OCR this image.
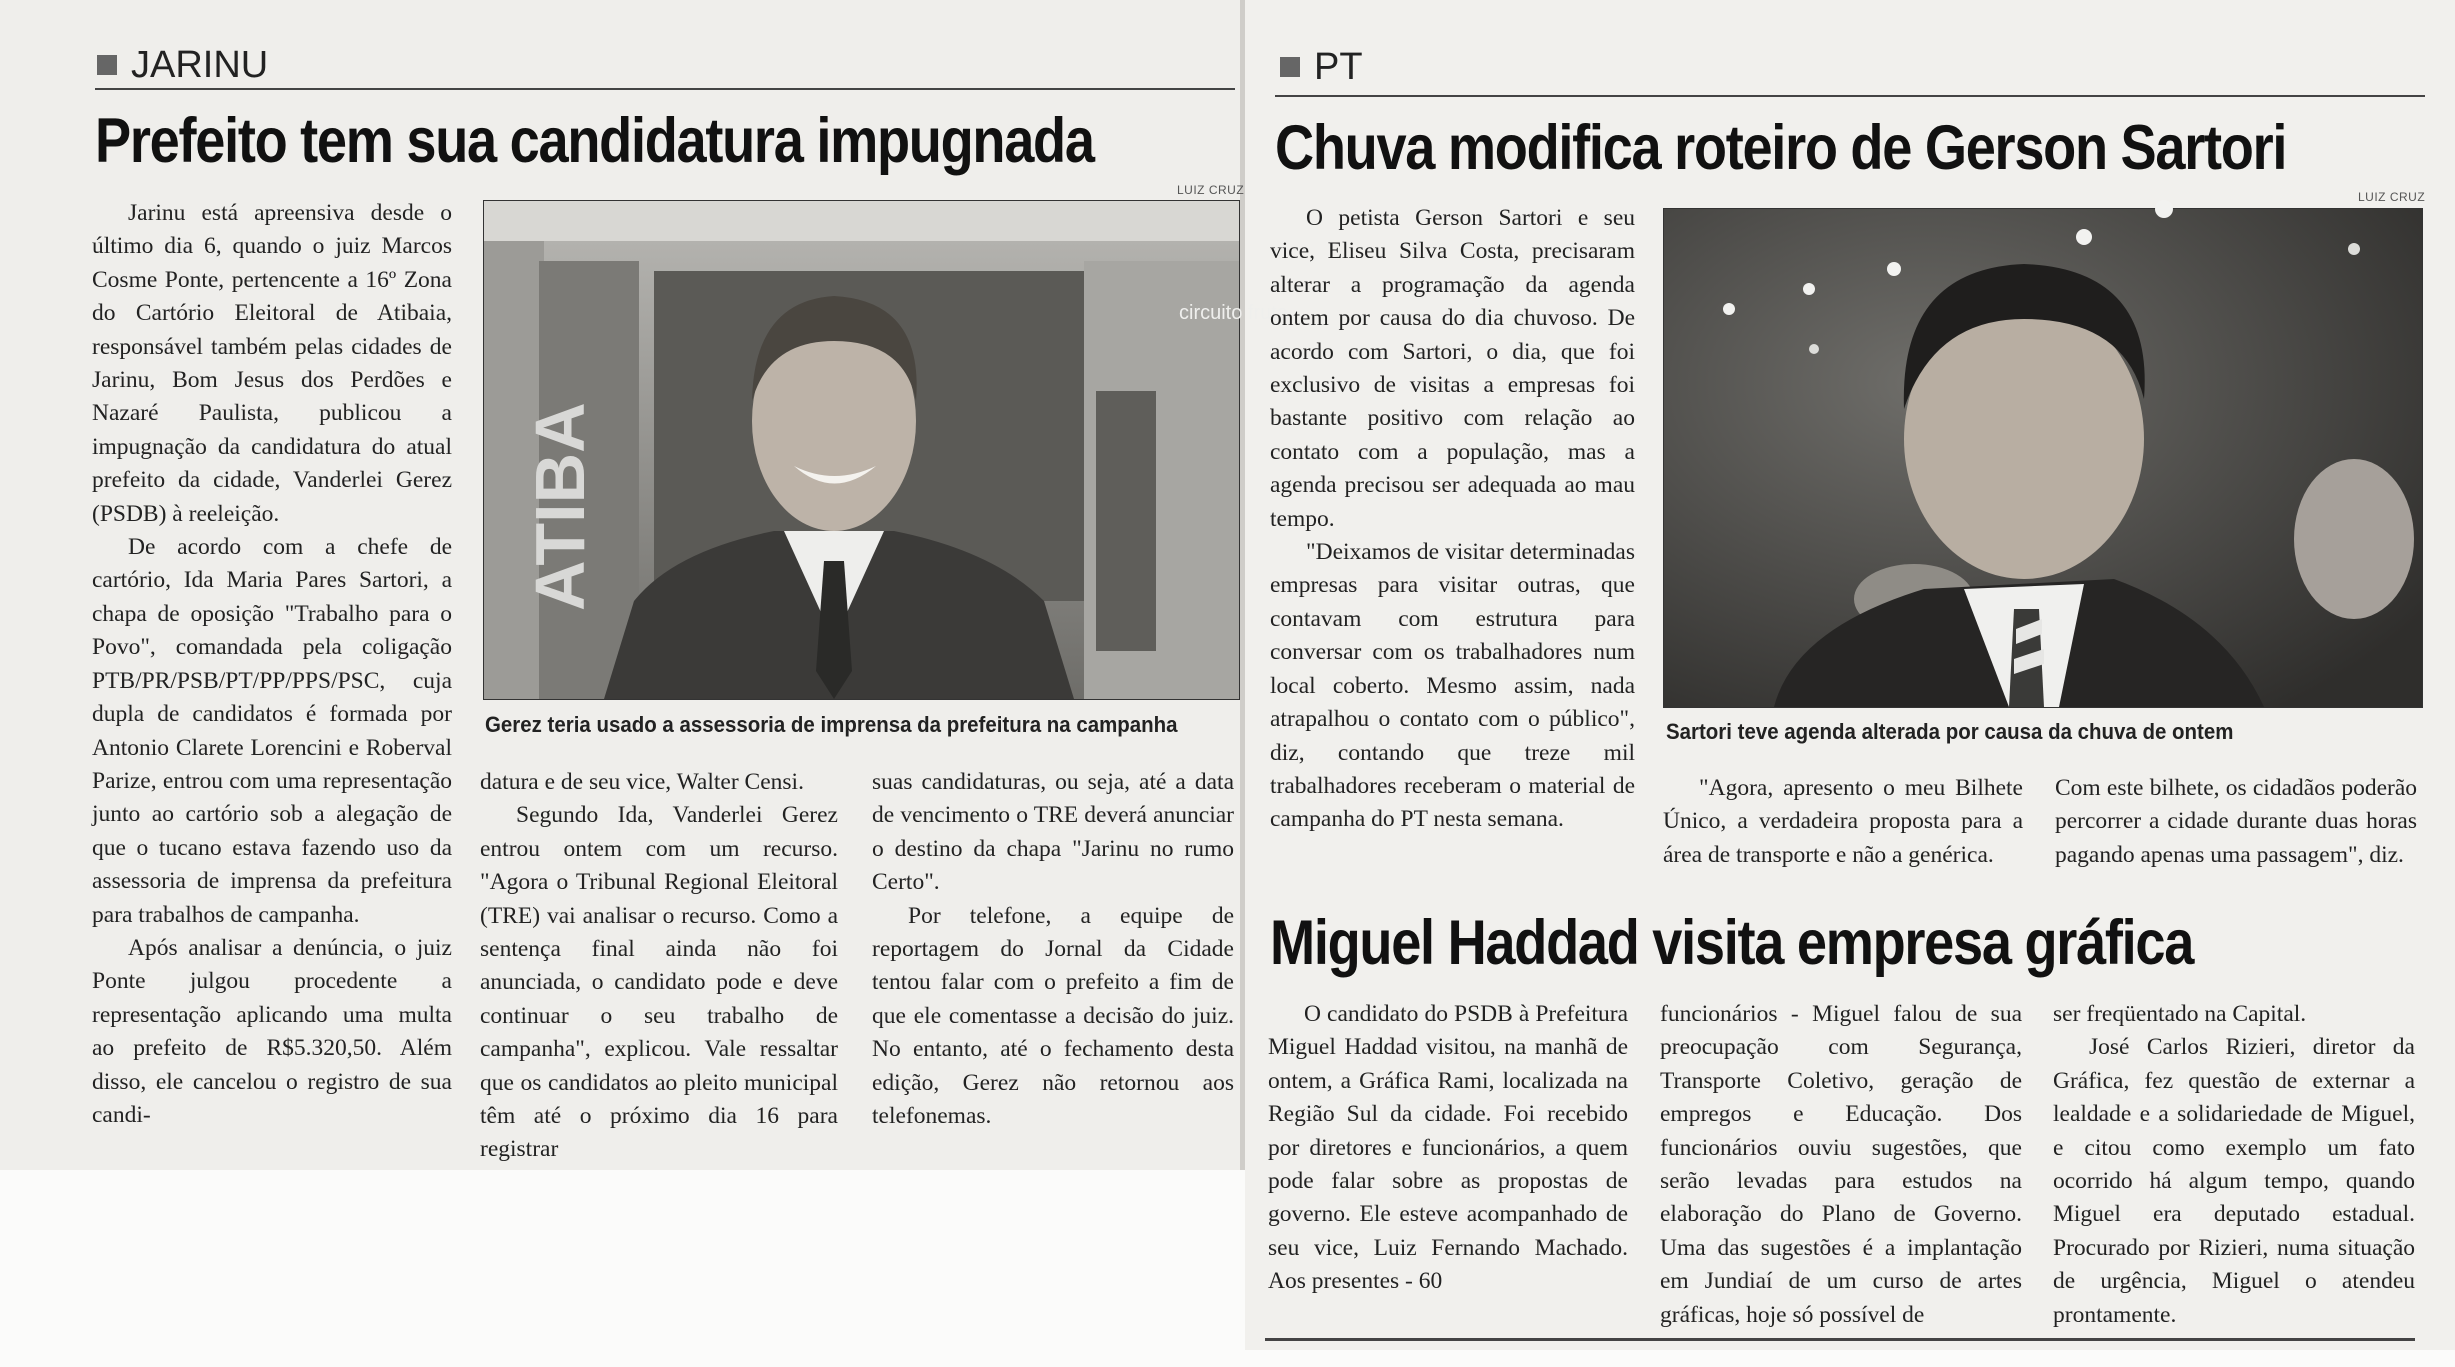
JARINU
Prefeito tem sua candidatura impugnada

Jarinu está apreensiva desde o último dia 6, quando o juiz Marcos Cosme Ponte, pertencente a 16º Zona do Cartório Eleitoral de Atibaia, responsável também pelas cidades de Jarinu, Bom Jesus dos Perdões e Nazaré Paulista, publicou a impugnação da candidatura do atual prefeito da cidade, Vanderlei Gerez (PSDB) à reeleição.

De acordo com a chefe de cartório, Ida Maria Pares Sartori, a chapa de oposição "Trabalho para o Povo", comandada pela coligação PTB/PR/PSB/PT/PP/PPS/PSC, cuja dupla de candidatos é formada por Antonio Clarete Lorencini e Roberval Parize, entrou com uma representação junto ao cartório sob a alegação de que o tucano estava fazendo uso da assessoria de imprensa da prefeitura para trabalhos de campanha.

Após analisar a denúncia, o juiz Ponte julgou procedente a representação aplicando uma multa ao prefeito de R$5.320,50. Além disso, ele cancelou o registro de sua candi-

LUIZ CRUZ
ATIBA
circuito fruta
Gerez teria usado a assessoria de imprensa da prefeitura na campanha

datura e de seu vice, Walter Censi.

Segundo Ida, Vanderlei Gerez entrou ontem com um recurso. "Agora o Tribunal Regional Eleitoral (TRE) vai analisar o recurso. Como a sentença final ainda não foi anunciada, o candidato pode e deve continuar o seu trabalho de campanha", explicou. Vale ressaltar que os candidatos ao pleito municipal têm até o próximo dia 16 para registrar

suas candidaturas, ou seja, até a data de vencimento o TRE deverá anunciar o destino da chapa "Jarinu no rumo Certo".

Por telefone, a equipe de reportagem do Jornal da Cidade tentou falar com o prefeito a fim de que ele comentasse a decisão do juiz. No entanto, até o fechamento desta edição, Gerez não retornou aos telefonemas.

PT
Chuva modifica roteiro de Gerson Sartori

O petista Gerson Sartori e seu vice, Eliseu Silva Costa, precisaram alterar a programação da agenda ontem por causa do dia chuvoso. De acordo com Sartori, o dia, que foi exclusivo de visitas a empresas foi bastante positivo com relação ao contato com a população, mas a agenda precisou ser adequada ao mau tempo.

"Deixamos de visitar determinadas empresas para visitar outras, que contavam com estrutura para conversar com os trabalhadores num local coberto. Mesmo assim, nada atrapalhou o contato com o público", diz, contando que treze mil trabalhadores receberam o material de campanha do PT nesta semana.

LUIZ CRUZ
Sartori teve agenda alterada por causa da chuva de ontem

"Agora, apresento o meu Bilhete Único, a verdadeira proposta para a área de transporte e não a genérica.

Com este bilhete, os cidadãos poderão percorrer a cidade durante duas horas pagando apenas uma passagem", diz.

Miguel Haddad visita empresa gráfica

O candidato do PSDB à Prefeitura Miguel Haddad visitou, na manhã de ontem, a Gráfica Rami, localizada na Região Sul da cidade. Foi recebido por diretores e funcionários, a quem pode falar sobre as propostas de governo. Ele esteve acompanhado de seu vice, Luiz Fernando Machado. Aos presentes - 60

funcionários - Miguel falou de sua preocupação com Segurança, Transporte Coletivo, geração de empregos e Educação. Dos funcionários ouviu sugestões, que serão levadas para estudos na elaboração do Plano de Governo. Uma das sugestões é a implantação em Jundiaí de um curso de artes gráficas, hoje só possível de

ser freqüentado na Capital.

José Carlos Rizieri, diretor da Gráfica, fez questão de externar a lealdade e a solidariedade de Miguel, e citou como exemplo um fato ocorrido há algum tempo, quando Miguel era deputado estadual. Procurado por Rizieri, numa situação de urgência, Miguel o atendeu prontamente.
